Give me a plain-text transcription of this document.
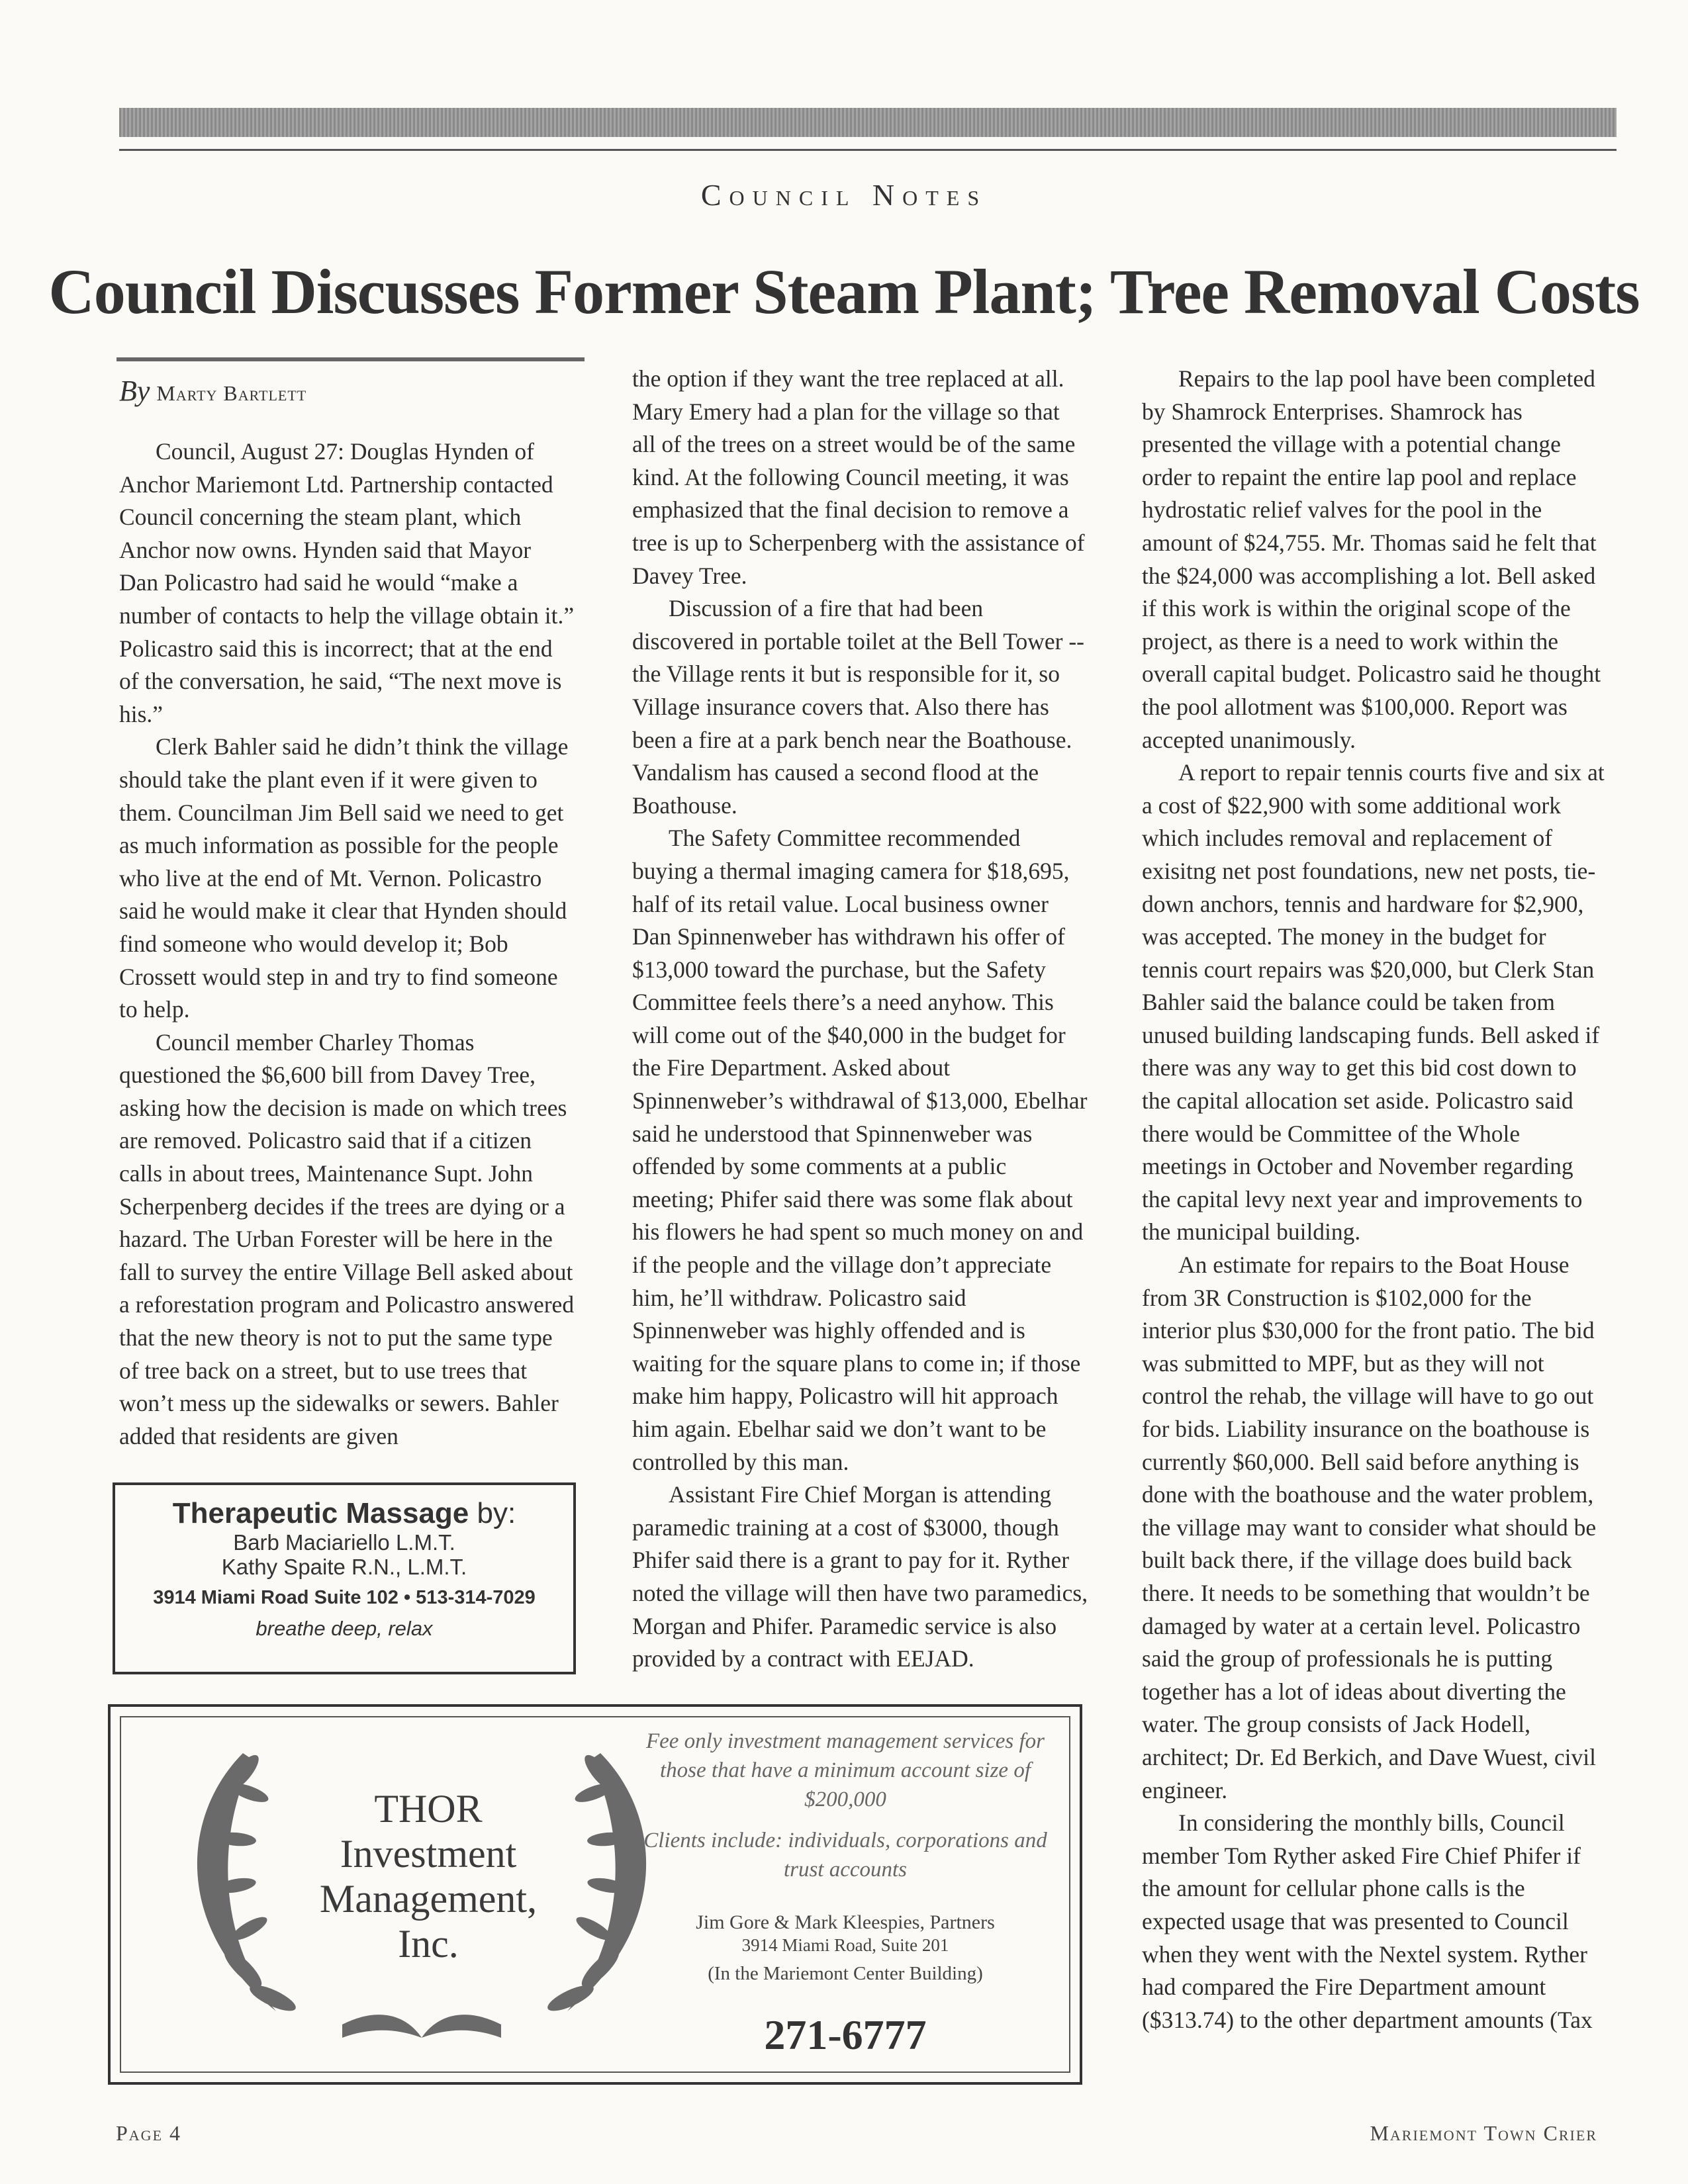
Council Notes
Council Discusses Former Steam Plant; Tree Removal Costs
By Marty Bartlett

Council, August 27: Douglas Hynden of Anchor Mariemont Ltd. Partnership contacted Council concerning the steam plant, which Anchor now owns. Hynden said that Mayor Dan Policastro had said he would “make a number of contacts to help the village obtain it.” Policastro said this is incorrect; that at the end of the conversation, he said, “The next move is his.”

Clerk Bahler said he didn’t think the village should take the plant even if it were given to them. Councilman Jim Bell said we need to get as much information as possible for the people who live at the end of Mt. Vernon. Policastro said he would make it clear that Hynden should find someone who would develop it; Bob Crossett would step in and try to find someone to help.

Council member Charley Thomas questioned the $6,600 bill from Davey Tree, asking how the decision is made on which trees are removed. Policastro said that if a citizen calls in about trees, Maintenance Supt. John Scherpenberg decides if the trees are dying or a hazard. The Urban Forester will be here in the fall to survey the entire Village Bell asked about a reforestation program and Policastro answered that the new theory is not to put the same type of tree back on a street, but to use trees that won’t mess up the sidewalks or sewers. Bahler added that residents are given

the option if they want the tree replaced at all. Mary Emery had a plan for the village so that all of the trees on a street would be of the same kind. At the following Council meeting, it was emphasized that the final decision to remove a tree is up to Scherpenberg with the assistance of Davey Tree.

Discussion of a fire that had been discovered in portable toilet at the Bell Tower -- the Village rents it but is responsible for it, so Village insurance covers that. Also there has been a fire at a park bench near the Boathouse. Vandalism has caused a second flood at the Boathouse.

The Safety Committee recommended buying a thermal imaging camera for $18,695, half of its retail value. Local business owner Dan Spinnenweber has withdrawn his offer of $13,000 toward the purchase, but the Safety Committee feels there’s a need anyhow. This will come out of the $40,000 in the budget for the Fire Department. Asked about Spinnenweber’s withdrawal of $13,000, Ebelhar said he understood that Spinnenweber was offended by some comments at a public meeting; Phifer said there was some flak about his flowers he had spent so much money on and if the people and the village don’t appreciate him, he’ll withdraw. Policastro said Spinnenweber was highly offended and is waiting for the square plans to come in; if those make him happy, Policastro will hit approach him again. Ebelhar said we don’t want to be controlled by this man.

Assistant Fire Chief Morgan is attending paramedic training at a cost of $3000, though Phifer said there is a grant to pay for it. Ryther noted the village will then have two paramedics, Morgan and Phifer. Paramedic service is also provided by a contract with EEJAD.

Repairs to the lap pool have been completed by Shamrock Enterprises. Shamrock has presented the village with a potential change order to repaint the entire lap pool and replace hydrostatic relief valves for the pool in the amount of $24,755. Mr. Thomas said he felt that the $24,000 was accomplishing a lot. Bell asked if this work is within the original scope of the project, as there is a need to work within the overall capital budget. Policastro said he thought the pool allotment was $100,000. Report was accepted unanimously.

A report to repair tennis courts five and six at a cost of $22,900 with some additional work which includes removal and replacement of exisitng net post foundations, new net posts, tie-down anchors, tennis and hardware for $2,900, was accepted. The money in the budget for tennis court repairs was $20,000, but Clerk Stan Bahler said the balance could be taken from unused building landscaping funds. Bell asked if there was any way to get this bid cost down to the capital allocation set aside. Policastro said there would be Committee of the Whole meetings in October and November regarding the capital levy next year and improvements to the municipal building.

An estimate for repairs to the Boat House from 3R Construction is $102,000 for the interior plus $30,000 for the front patio. The bid was submitted to MPF, but as they will not control the rehab, the village will have to go out for bids. Liability insurance on the boathouse is currently $60,000. Bell said before anything is done with the boathouse and the water problem, the village may want to consider what should be built back there, if the village does build back there. It needs to be something that wouldn’t be damaged by water at a certain level. Policastro said the group of professionals he is putting together has a lot of ideas about diverting the water. The group consists of Jack Hodell, architect; Dr. Ed Berkich, and Dave Wuest, civil engineer.

In considering the monthly bills, Council member Tom Ryther asked Fire Chief Phifer if the amount for cellular phone calls is the expected usage that was presented to Council when they went with the Nextel system. Ryther had compared the Fire Department amount ($313.74) to the other department amounts (Tax

Therapeutic Massage by:
Barb Maciariello L.M.T.
Kathy Spaite R.N., L.M.T.
3914 Miami Road Suite 102 • 513-314-7029
breathe deep, relax
THOR
Investment
Management,
Inc.
Fee only investment management services for those that have a minimum account size of $200,000
Clients include: individuals, corporations and trust accounts
Jim Gore & Mark Kleespies, Partners
3914 Miami Road, Suite 201
(In the Mariemont Center Building)
271-6777
Page 4	Mariemont Town Crier
